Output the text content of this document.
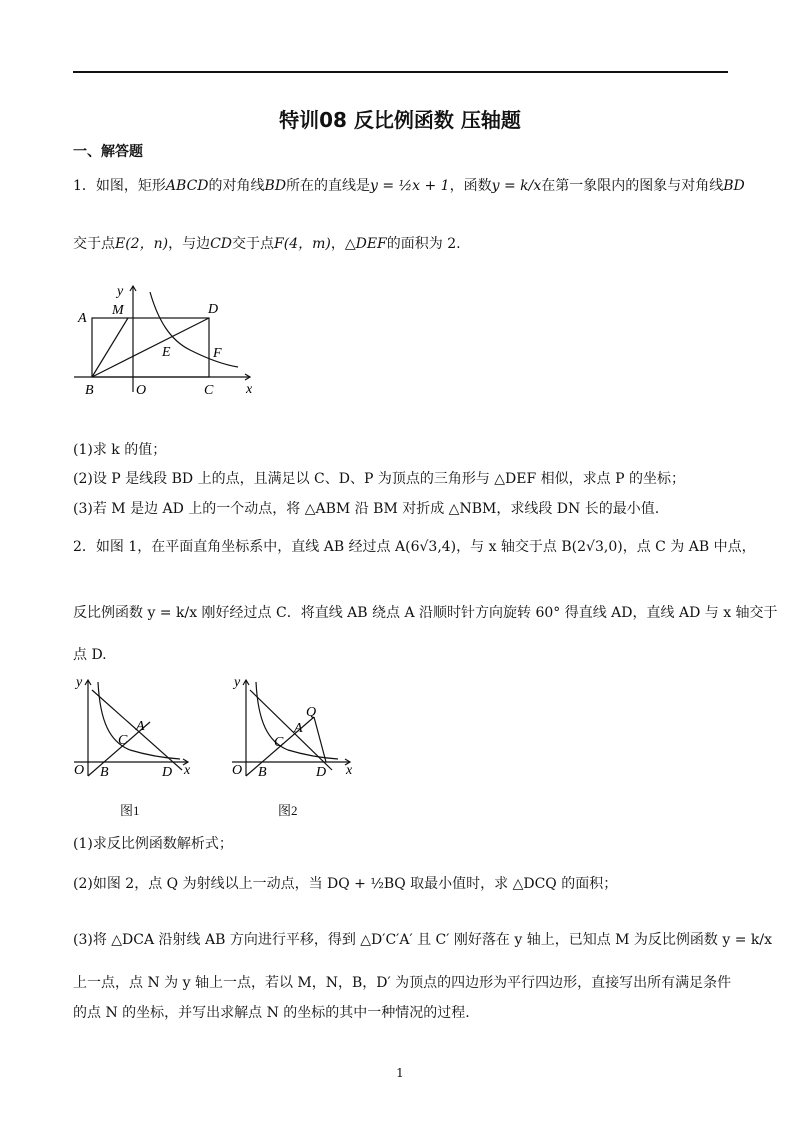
特训08 反比例函数 压轴题
一、解答题
1．如图，矩形ABCD的对角线BD所在的直线是y = ½x + 1，函数y = k/x在第一象限内的图象与对角线BD
交于点E(2，n)，与边CD交于点F(4，m)，△DEF的面积为 2.
y
x
A
M	D
E	F
B	O	C
(1)求 k 的值；
(2)设 P 是线段 BD 上的点，且满足以 C、D、P 为顶点的三角形与 △DEF 相似，求点 P 的坐标；
(3)若 M 是边 AD 上的一个动点，将 △ABM 沿 BM 对折成 △NBM，求线段 DN 长的最小值.
2．如图 1，在平面直角坐标系中，直线 AB 经过点 A(6√3,4)，与 x 轴交于点 B(2√3,0)，点 C 为 AB 中点，
反比例函数 y = k/x 刚好经过点 C．将直线 AB 绕点 A 沿顺时针方向旋转 60° 得直线 AD，直线 AD 与 x 轴交于
点 D.
y
x
A
C
O B	D
图1
y
x
A
Q
C
O B	D
图2
(1)求反比例函数解析式；
(2)如图 2，点 Q 为射线以上一动点，当 DQ + ½BQ 取最小值时，求 △DCQ 的面积；
(3)将 △DCA 沿射线 AB 方向进行平移，得到 △D′C′A′ 且 C′ 刚好落在 y 轴上，已知点 M 为反比例函数 y = k/x
上一点，点 N 为 y 轴上一点，若以 M，N，B，D′ 为顶点的四边形为平行四边形，直接写出所有满足条件
的点 N 的坐标，并写出求解点 N 的坐标的其中一种情况的过程.
1
